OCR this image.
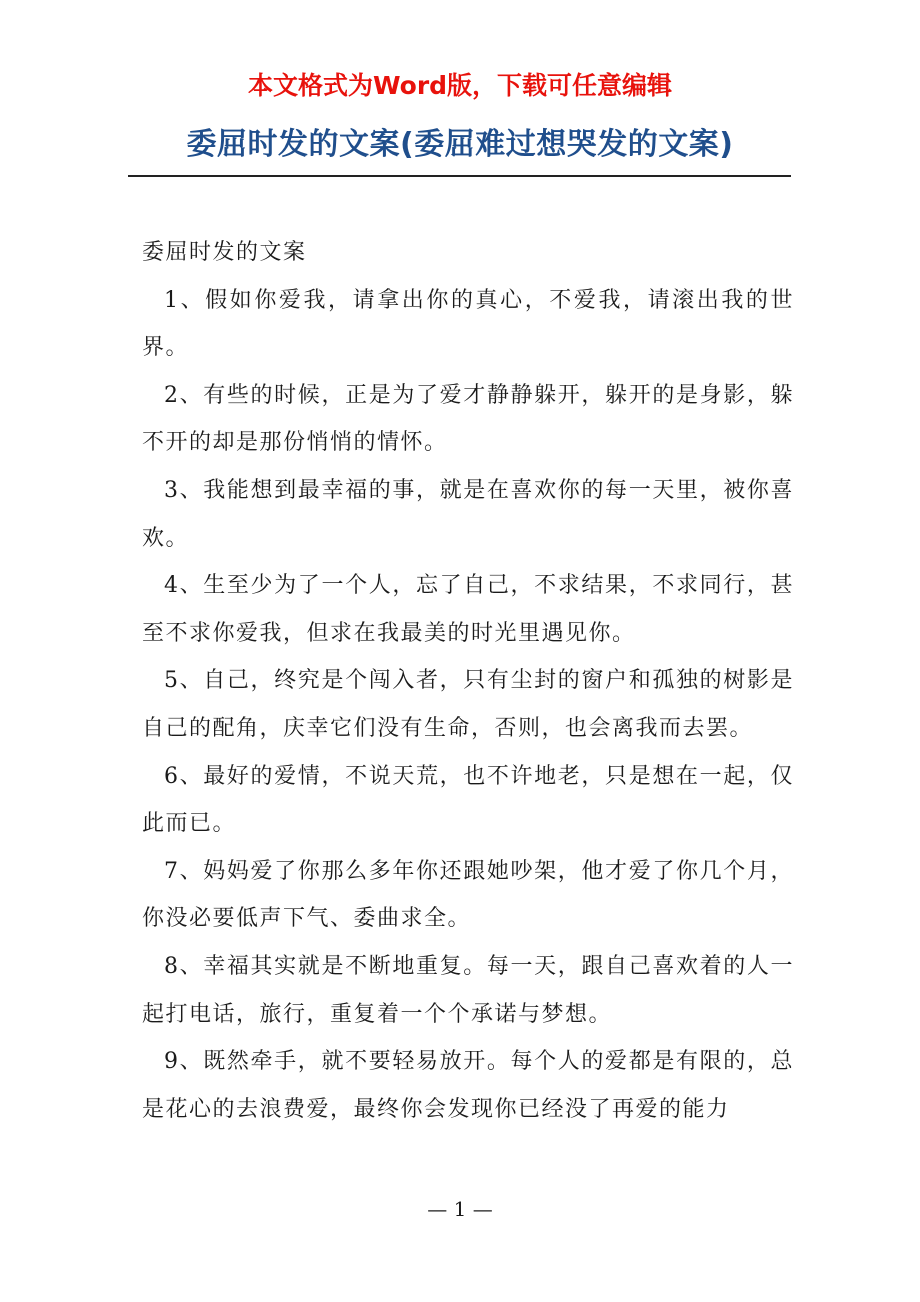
本文格式为Word版，下载可任意编辑
委屈时发的文案(委屈难过想哭发的文案)

委屈时发的文案

1、假如你爱我，请拿出你的真心，不爱我，请滚出我的世界。

2、有些的时候，正是为了爱才静静躲开，躲开的是身影，躲不开的却是那份悄悄的情怀。

3、我能想到最幸福的事，就是在喜欢你的每一天里，被你喜欢。

4、生至少为了一个人，忘了自己，不求结果，不求同行，甚至不求你爱我，但求在我最美的时光里遇见你。

5、自己，终究是个闯入者，只有尘封的窗户和孤独的树影是自己的配角，庆幸它们没有生命，否则，也会离我而去罢。

6、最好的爱情，不说天荒，也不许地老，只是想在一起，仅此而已。

7、妈妈爱了你那么多年你还跟她吵架，他才爱了你几个月，你没必要低声下气、委曲求全。

8、幸福其实就是不断地重复。每一天，跟自己喜欢着的人一起打电话，旅行，重复着一个个承诺与梦想。

9、既然牵手，就不要轻易放开。每个人的爱都是有限的，总是花心的去浪费爱，最终你会发现你已经没了再爱的能力

— 1 —
